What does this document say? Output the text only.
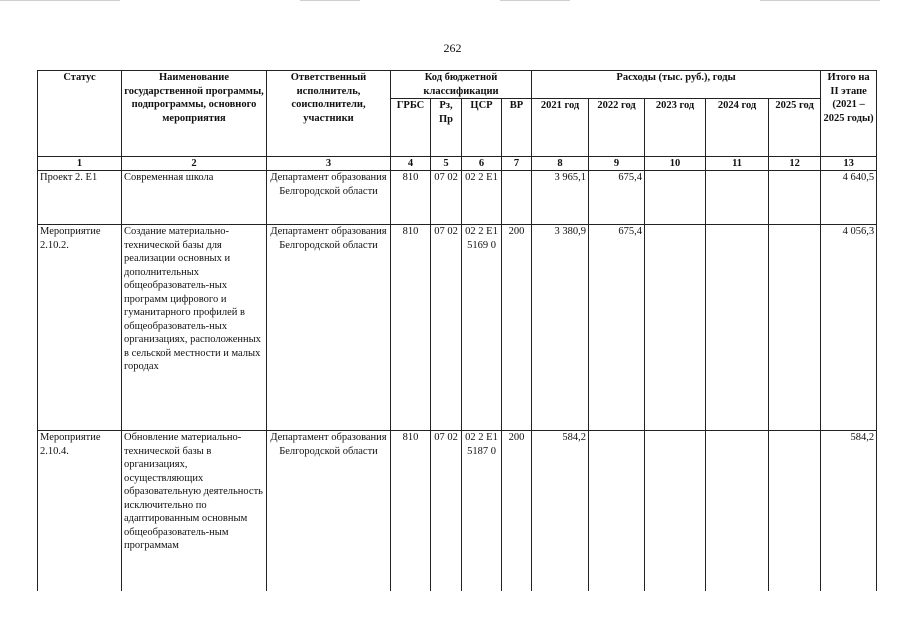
262
Статус	Наименование государственной программы, подпрограммы, основного мероприятия	Ответственный исполнитель, соисполнители, участники	Код бюджетной классификации				Расходы (тыс. руб.), годы					Итого на II этапе (2021 – 2025 годы)
			ГРБС	Рз, Пр	ЦСР	ВР	2021 год	2022 год	2023 год	2024 год	2025 год	
1	2	3	4	5	6	7	8	9	10	11	12	13
Проект 2. Е1	Современная школа	Департамент образования Белгородской области	810	07 02	02 2 Е1		3 965,1	675,4				4 640,5
Мероприятие 2.10.2.	Создание материально-технической базы для реализации основных и дополнительных общеобразователь-ных программ цифрового и гуманитарного профилей в общеобразователь-ных организациях, расположенных в сельской местности и малых городах	Департамент образования Белгородской области	810	07 02	02 2 Е1 5169 0	200	3 380,9	675,4				4 056,3
Мероприятие 2.10.4.	Обновление материально-технической базы в организациях, осуществляющих образовательную деятельность исключительно по адаптированным основным общеобразователь-ным программам	Департамент образования Белгородской области	810	07 02	02 2 Е1 5187 0	200	584,2					584,2
